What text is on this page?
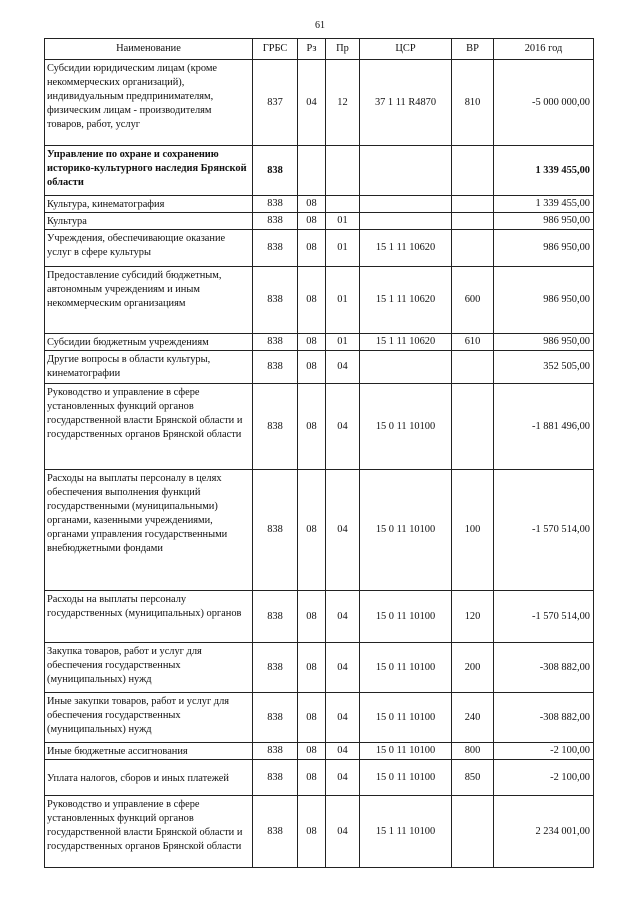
61
Наименование	ГРБС	Рз	Пр	ЦСР	ВР	2016 год
Субсидии юридическим лицам (кроме некоммерческих организаций), индивидуальным предпринимателям, физическим лицам - производителям товаров, работ, услуг	837	04	12	37 1 11 R4870	810	-5 000 000,00
Управление по охране и сохранению историко-культурного наследия Брянской области	838					1 339 455,00
Культура, кинематография	838	08				1 339 455,00
Культура	838	08	01			986 950,00
Учреждения, обеспечивающие оказание услуг в сфере культуры	838	08	01	15 1 11 10620		986 950,00
Предоставление субсидий бюджетным, автономным учреждениям и иным некоммерческим организациям	838	08	01	15 1 11 10620	600	986 950,00
Субсидии бюджетным учреждениям	838	08	01	15 1 11 10620	610	986 950,00
Другие вопросы в области культуры, кинематографии	838	08	04			352 505,00
Руководство и управление в сфере установленных функций органов государственной власти Брянской области и государственных органов Брянской области	838	08	04	15 0 11 10100		-1 881 496,00
Расходы на выплаты персоналу в целях обеспечения выполнения функций государственными (муниципальными) органами, казенными учреждениями, органами управления государственными внебюджетными фондами	838	08	04	15 0 11 10100	100	-1 570 514,00
Расходы на выплаты персоналу государственных (муниципальных) органов	838	08	04	15 0 11 10100	120	-1 570 514,00
Закупка товаров, работ и услуг для обеспечения государственных (муниципальных) нужд	838	08	04	15 0 11 10100	200	-308 882,00
Иные закупки товаров, работ и услуг для обеспечения государственных (муниципальных) нужд	838	08	04	15 0 11 10100	240	-308 882,00
Иные бюджетные ассигнования	838	08	04	15 0 11 10100	800	-2 100,00
Уплата налогов, сборов и иных платежей	838	08	04	15 0 11 10100	850	-2 100,00
Руководство и управление в сфере установленных функций органов государственной власти Брянской области и государственных органов Брянской области	838	08	04	15 1 11 10100		2 234 001,00
